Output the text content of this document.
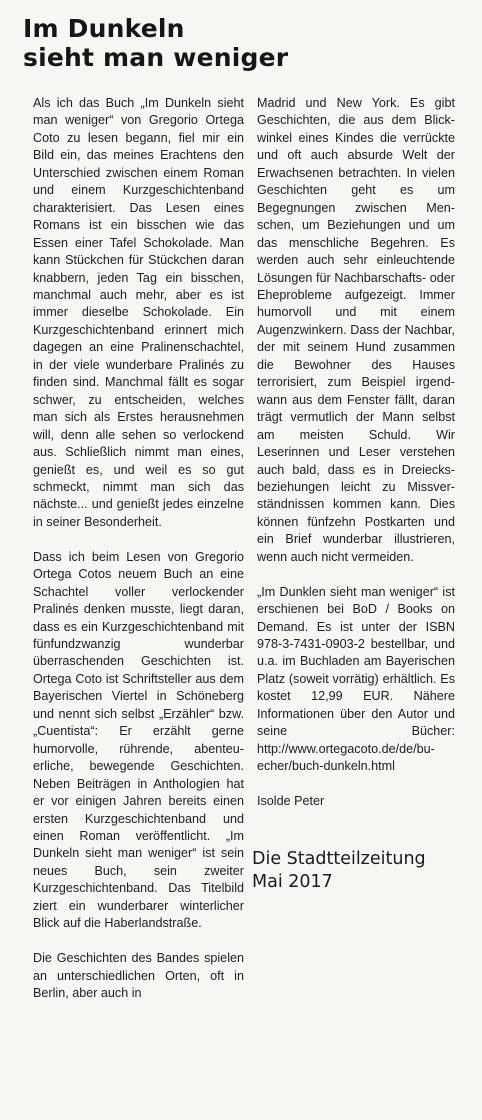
Im Dunkeln
sieht man weniger

Als ich das Buch „Im Dunkeln sieht man weniger“ von Gregorio Ortega Coto zu lesen begann, fiel mir ein Bild ein, das meines Erachtens den Unterschied zwischen einem Roman und einem Kurzgeschichtenband charakterisiert. Das Lesen eines Romans ist ein bisschen wie das Essen einer Tafel Schokolade. Man kann Stückchen für Stückchen daran knabbern, jeden Tag ein bisschen, manchmal auch mehr, aber es ist immer dieselbe Schokolade. Ein Kurzgeschichtenband erinnert mich dagegen an eine Pralinenschachtel, in der viele wunderbare Pralinés zu finden sind. Manchmal fällt es sogar schwer, zu entscheiden, welches man sich als Erstes herausnehmen will, denn alle sehen so verlockend aus. Schließlich nimmt man eines, genießt es, und weil es so gut schmeckt, nimmt man sich das nächste... und genießt jedes einzelne in seiner Besonderheit.

Dass ich beim Lesen von Gregorio Ortega Cotos neuem Buch an eine Schachtel voller verlockender Pralinés denken musste, liegt daran, dass es ein Kurzgeschichtenband mit fünfundzwanzig wunderbar überraschenden Geschichten ist. Ortega Coto ist Schriftsteller aus dem Bayerischen Viertel in Schöneberg und nennt sich selbst „Erzähler“ bzw. „Cuentista“: Er erzählt gerne humorvolle, rührende, abenteuerliche, bewegende Geschichten. Neben Beiträgen in Anthologien hat er vor einigen Jahren bereits einen ersten Kurzgeschichtenband und einen Roman veröffentlicht. „Im Dunkeln sieht man weniger“ ist sein neues Buch, sein zweiter Kurzgeschichtenband. Das Titelbild ziert ein wunderbarer winterlicher Blick auf die Haberlandstraße.

Die Geschichten des Bandes spielen an unterschiedlichen Orten, oft in Berlin, aber auch in

Madrid und New York. Es gibt Geschichten, die aus dem Blickwinkel eines Kindes die verrückte und oft auch absurde Welt der Erwachsenen betrachten. In vielen Geschichten geht es um Begegnungen zwischen Menschen, um Beziehungen und um das menschliche Begehren. Es werden auch sehr einleuchtende Lösungen für Nachbarschafts- oder Eheprobleme aufgezeigt. Immer humorvoll und mit einem Augenzwinkern. Dass der Nachbar, der mit seinem Hund zusammen die Bewohner des Hauses terrorisiert, zum Beispiel irgendwann aus dem Fenster fällt, daran trägt vermutlich der Mann selbst am meisten Schuld. Wir Leserinnen und Leser verstehen auch bald, dass es in Dreiecksbeziehungen leicht zu Missverständnissen kommen kann. Dies können fünfzehn Postkarten und ein Brief wunderbar illustrieren, wenn auch nicht vermeiden.

„Im Dunklen sieht man weniger“ ist erschienen bei BoD / Books on Demand. Es ist unter der ISBN 978-3-7431-0903-2 bestellbar, und u.a. im Buchladen am Bayerischen Platz (soweit vorrätig) erhältlich. Es kostet 12,99 EUR. Nähere Informationen über den Autor und seine Bücher: http://www.ortegacoto.de/de/buecher/buch-dunkeln.html

Isolde Peter
Die Stadtteilzeitung
Mai 2017
